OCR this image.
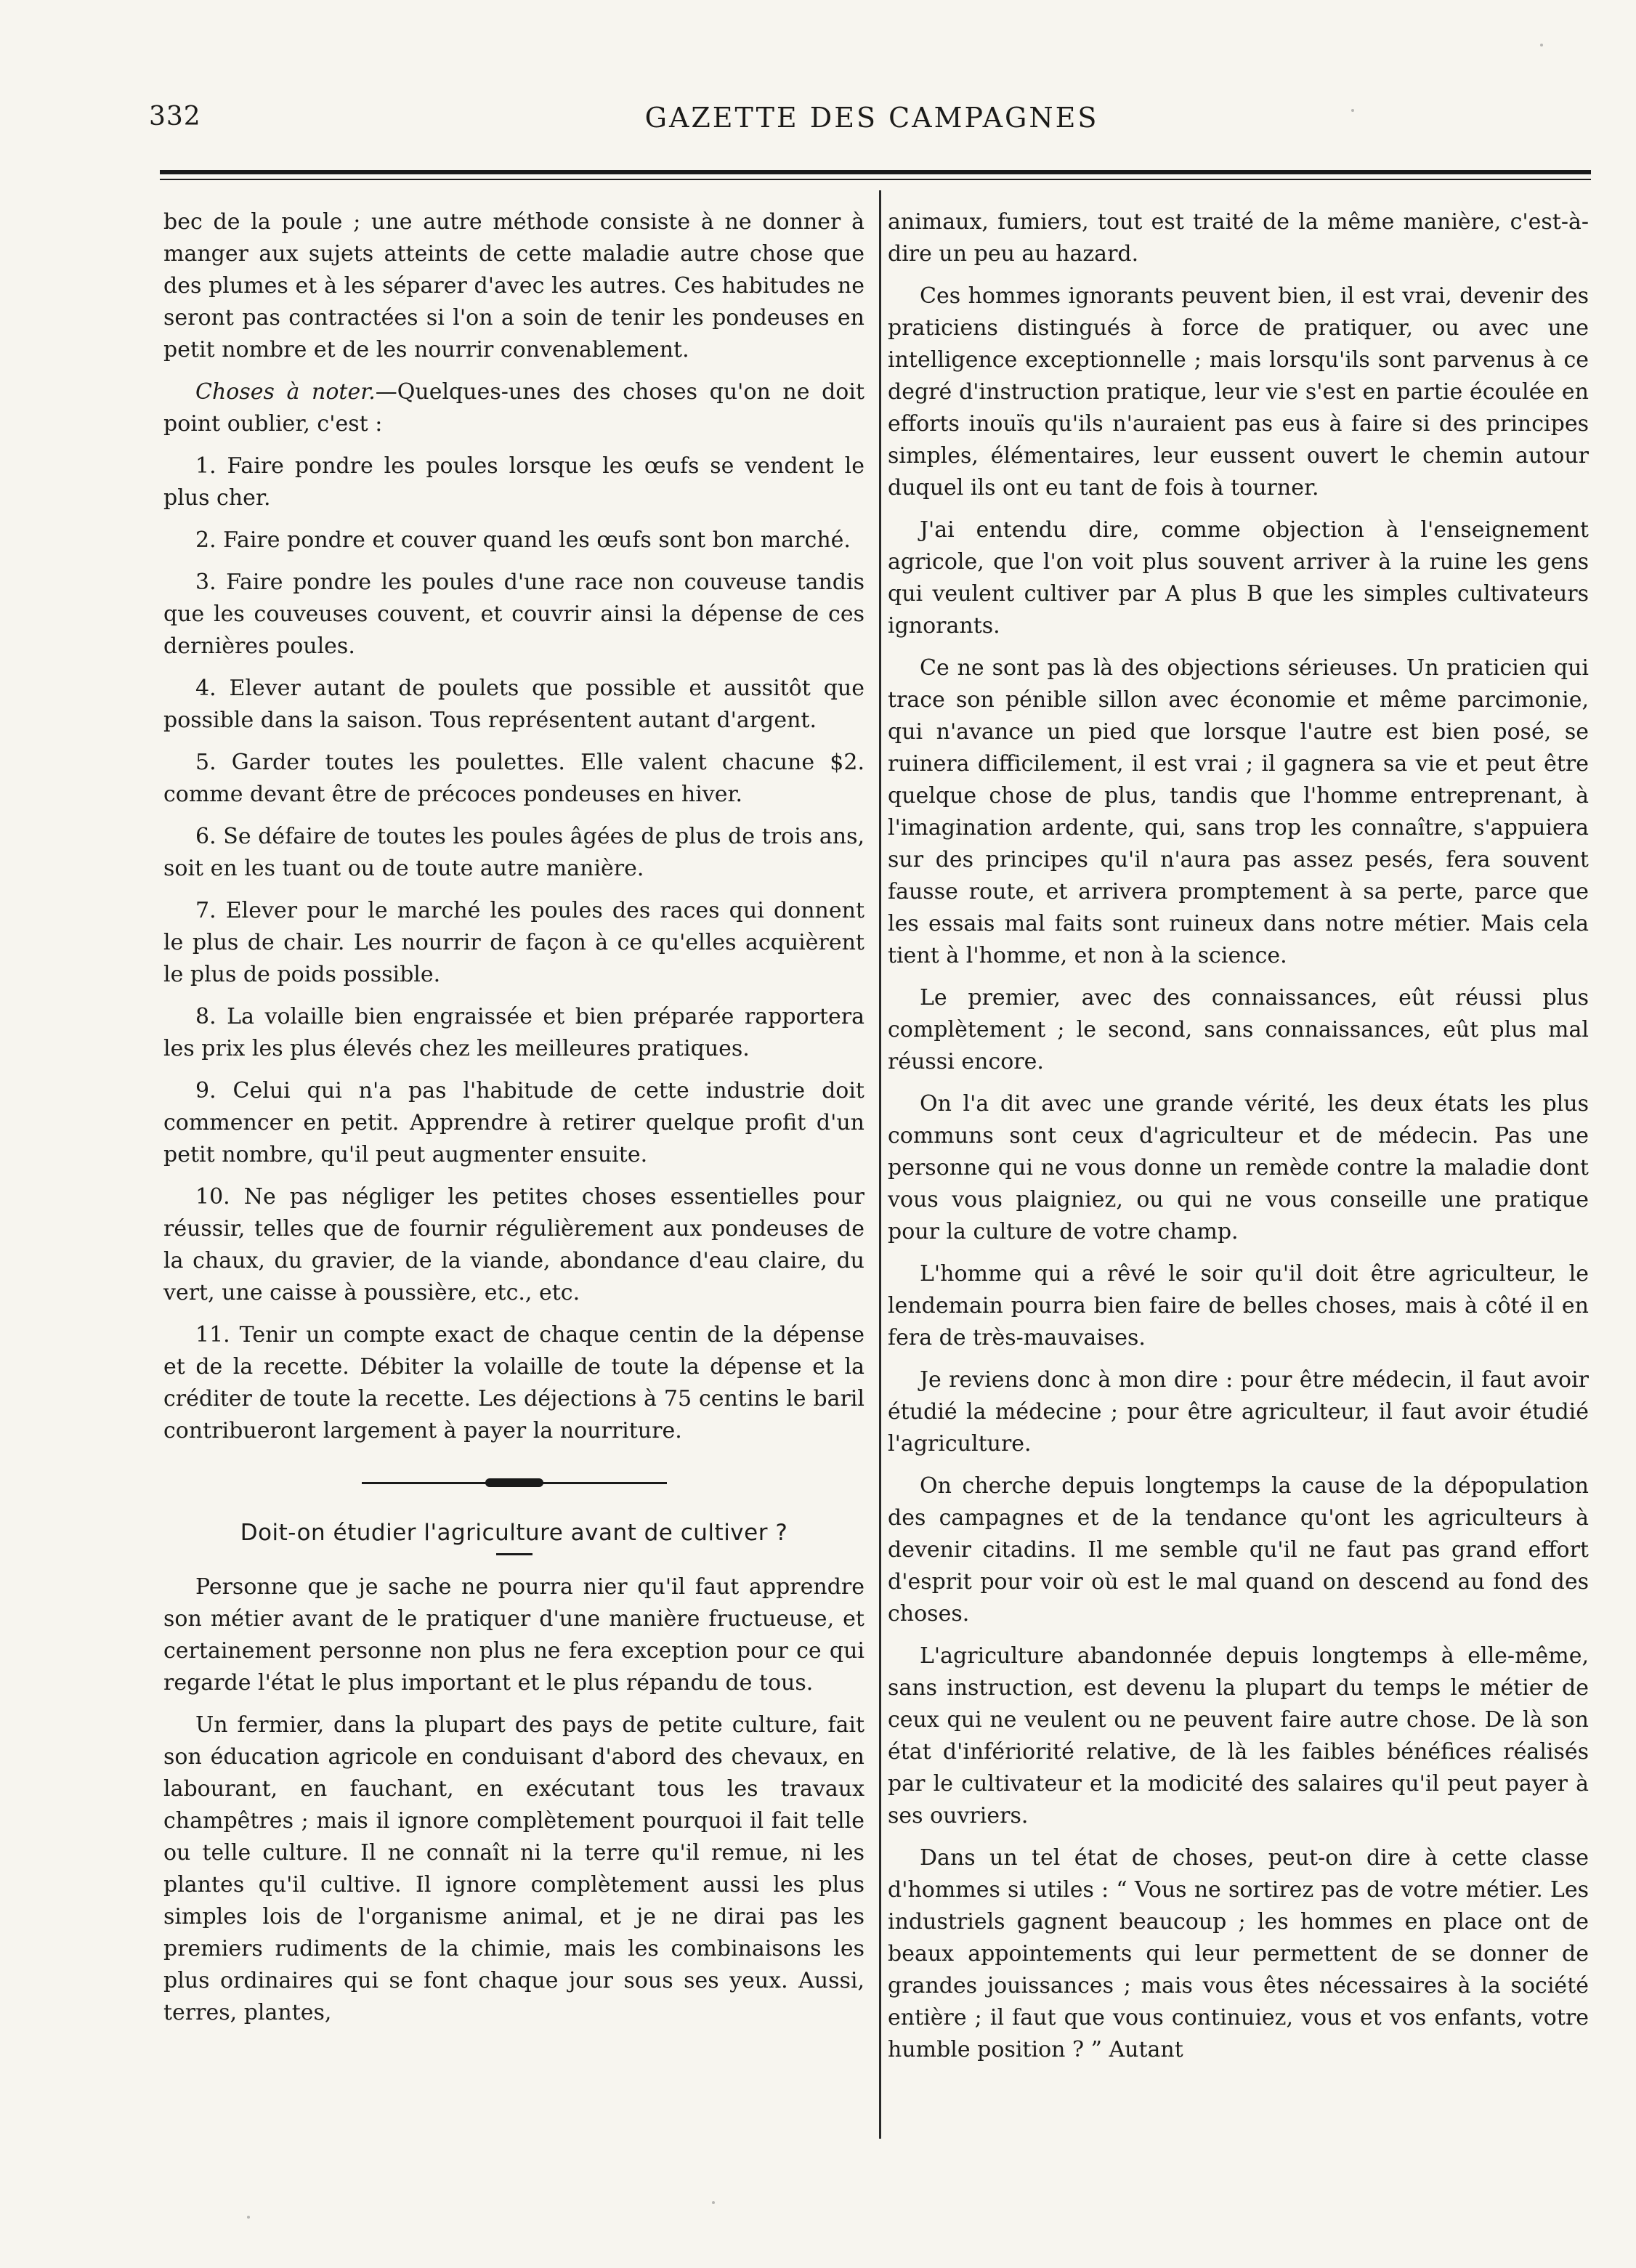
332	GAZETTE DES CAMPAGNES

bec de la poule ; une autre méthode consiste à ne donner à manger aux sujets atteints de cette maladie autre chose que des plumes et à les séparer d'avec les autres. Ces habitudes ne seront pas contractées si l'on a soin de tenir les pondeuses en petit nombre et de les nourrir convenablement.

Choses à noter.—Quelques-unes des choses qu'on ne doit point oublier, c'est :

1. Faire pondre les poules lorsque les œufs se vendent le plus cher.

2. Faire pondre et couver quand les œufs sont bon marché.

3. Faire pondre les poules d'une race non couveuse tandis que les couveuses couvent, et couvrir ainsi la dépense de ces dernières poules.

4. Elever autant de poulets que possible et aussitôt que possible dans la saison. Tous représentent autant d'argent.

5. Garder toutes les poulettes. Elle valent chacune $2. comme devant être de précoces pondeuses en hiver.

6. Se défaire de toutes les poules âgées de plus de trois ans, soit en les tuant ou de toute autre manière.

7. Elever pour le marché les poules des races qui donnent le plus de chair. Les nourrir de façon à ce qu'elles acquièrent le plus de poids possible.

8. La volaille bien engraissée et bien préparée rapportera les prix les plus élevés chez les meilleures pratiques.

9. Celui qui n'a pas l'habitude de cette industrie doit commencer en petit. Apprendre à retirer quelque profit d'un petit nombre, qu'il peut augmenter ensuite.

10. Ne pas négliger les petites choses essentielles pour réussir, telles que de fournir régulièrement aux pondeuses de la chaux, du gravier, de la viande, abondance d'eau claire, du vert, une caisse à poussière, etc., etc.

11. Tenir un compte exact de chaque centin de la dépense et de la recette. Débiter la volaille de toute la dépense et la créditer de toute la recette. Les déjections à 75 centins le baril contribueront largement à payer la nourriture.

Doit-on étudier l'agriculture avant de cultiver ?

Personne que je sache ne pourra nier qu'il faut apprendre son métier avant de le pratiquer d'une manière fructueuse, et certainement personne non plus ne fera exception pour ce qui regarde l'état le plus important et le plus répandu de tous.

Un fermier, dans la plupart des pays de petite culture, fait son éducation agricole en conduisant d'abord des chevaux, en labourant, en fauchant, en exécutant tous les travaux champêtres ; mais il ignore complètement pourquoi il fait telle ou telle culture. Il ne connaît ni la terre qu'il remue, ni les plantes qu'il cultive. Il ignore complètement aussi les plus simples lois de l'organisme animal, et je ne dirai pas les premiers rudiments de la chimie, mais les combinaisons les plus ordinaires qui se font chaque jour sous ses yeux. Aussi, terres, plantes,

animaux, fumiers, tout est traité de la même manière, c'est-à-dire un peu au hazard.

Ces hommes ignorants peuvent bien, il est vrai, devenir des praticiens distingués à force de pratiquer, ou avec une intelligence exceptionnelle ; mais lorsqu'ils sont parvenus à ce degré d'instruction pratique, leur vie s'est en partie écoulée en efforts inouïs qu'ils n'auraient pas eus à faire si des principes simples, élémentaires, leur eussent ouvert le chemin autour duquel ils ont eu tant de fois à tourner.

J'ai entendu dire, comme objection à l'enseignement agricole, que l'on voit plus souvent arriver à la ruine les gens qui veulent cultiver par A plus B que les simples cultivateurs ignorants.

Ce ne sont pas là des objections sérieuses. Un praticien qui trace son pénible sillon avec économie et même parcimonie, qui n'avance un pied que lorsque l'autre est bien posé, se ruinera difficilement, il est vrai ; il gagnera sa vie et peut être quelque chose de plus, tandis que l'homme entreprenant, à l'imagination ardente, qui, sans trop les connaître, s'appuiera sur des principes qu'il n'aura pas assez pesés, fera souvent fausse route, et arrivera promptement à sa perte, parce que les essais mal faits sont ruineux dans notre métier. Mais cela tient à l'homme, et non à la science.

Le premier, avec des connaissances, eût réussi plus complètement ; le second, sans connaissances, eût plus mal réussi encore.

On l'a dit avec une grande vérité, les deux états les plus communs sont ceux d'agriculteur et de médecin. Pas une personne qui ne vous donne un remède contre la maladie dont vous vous plaigniez, ou qui ne vous conseille une pratique pour la culture de votre champ.

L'homme qui a rêvé le soir qu'il doit être agriculteur, le lendemain pourra bien faire de belles choses, mais à côté il en fera de très-mauvaises.

Je reviens donc à mon dire : pour être médecin, il faut avoir étudié la médecine ; pour être agriculteur, il faut avoir étudié l'agriculture.

On cherche depuis longtemps la cause de la dépopulation des campagnes et de la tendance qu'ont les agriculteurs à devenir citadins. Il me semble qu'il ne faut pas grand effort d'esprit pour voir où est le mal quand on descend au fond des choses.

L'agriculture abandonnée depuis longtemps à elle-même, sans instruction, est devenu la plupart du temps le métier de ceux qui ne veulent ou ne peuvent faire autre chose. De là son état d'infériorité relative, de là les faibles bénéfices réalisés par le cultivateur et la modicité des salaires qu'il peut payer à ses ouvriers.

Dans un tel état de choses, peut-on dire à cette classe d'hommes si utiles : “ Vous ne sortirez pas de votre métier. Les industriels gagnent beaucoup ; les hommes en place ont de beaux appointements qui leur permettent de se donner de grandes jouissances ; mais vous êtes nécessaires à la société entière ; il faut que vous continuiez, vous et vos enfants, votre humble position ? ” Autant
